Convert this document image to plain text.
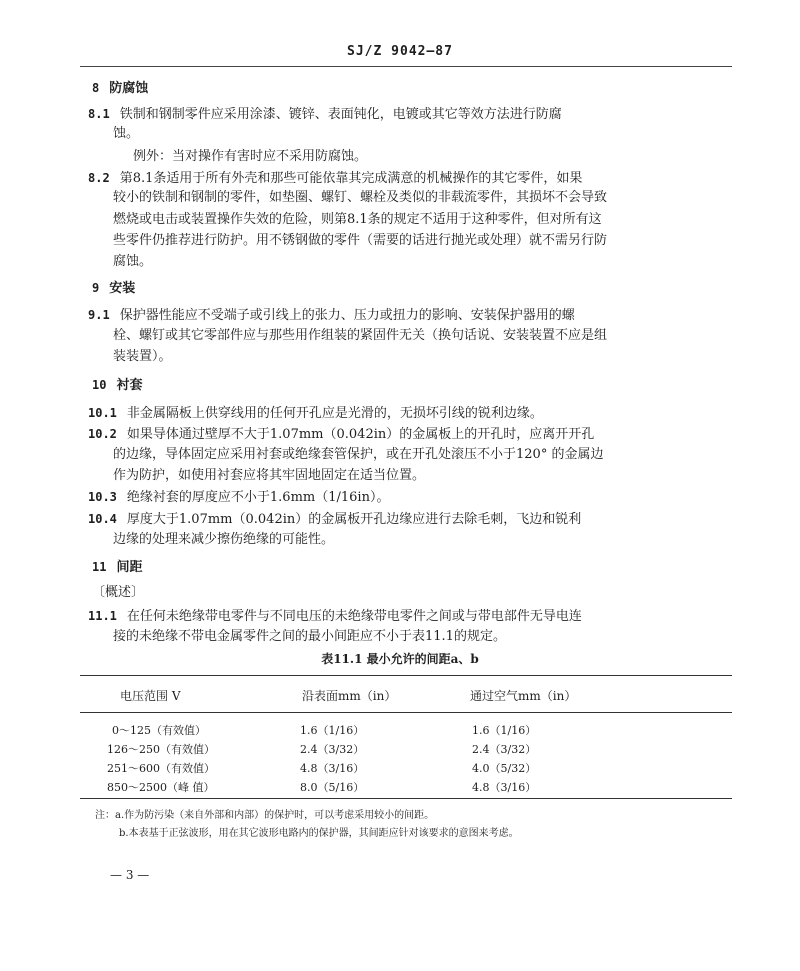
SJ/Z 9042—87
8 防腐蚀
8.1 铁制和钢制零件应采用涂漆、镀锌、表面钝化，电镀或其它等效方法进行防腐
蚀。
例外：当对操作有害时应不采用防腐蚀。
8.2 第8.1条适用于所有外壳和那些可能依靠其完成满意的机械操作的其它零件，如果
较小的铁制和钢制的零件，如垫圈、螺钉、螺栓及类似的非载流零件，其损坏不会导致
燃烧或电击或装置操作失效的危险，则第8.1条的规定不适用于这种零件，但对所有这
些零件仍推荐进行防护。用不锈钢做的零件（需要的话进行抛光或处理）就不需另行防
腐蚀。
9 安装
9.1 保护器性能应不受端子或引线上的张力、压力或扭力的影响、安装保护器用的螺
栓、螺钉或其它零部件应与那些用作组装的紧固件无关（换句话说、安装装置不应是组
装装置）。
10 衬套
10.1 非金属隔板上供穿线用的任何开孔应是光滑的，无损坏引线的锐利边缘。
10.2 如果导体通过壁厚不大于1.07mm（0.042in）的金属板上的开孔时，应离开开孔
的边缘，导体固定应采用衬套或绝缘套管保护，或在开孔处滚压不小于120° 的金属边
作为防护，如使用衬套应将其牢固地固定在适当位置。
10.3 绝缘衬套的厚度应不小于1.6mm（1/16in）。
10.4 厚度大于1.07mm（0.042in）的金属板开孔边缘应进行去除毛刺，飞边和锐利
边缘的处理来减少擦伤绝缘的可能性。
11 间距
〔概述〕
11.1 在任何未绝缘带电零件与不同电压的未绝缘带电零件之间或与带电部件无导电连
接的未绝缘不带电金属零件之间的最小间距应不小于表11.1的规定。
表11.1 最小允许的间距a、b
电压范围 V	沿表面mm（in）	通过空气mm（in）
0～125（有效值）	1.6（1/16）	1.6（1/16）
126～250（有效值）	2.4（3/32）	2.4（3/32）
251～600（有效值）	4.8（3/16）	4.0（5/32）
850～2500（峰 值）	8.0（5/16）	4.8（3/16）
注：a.作为防污染（来自外部和内部）的保护时，可以考虑采用较小的间距。
b.本表基于正弦波形，用在其它波形电路内的保护器，其间距应针对该要求的意图来考虑。
— 3 —
